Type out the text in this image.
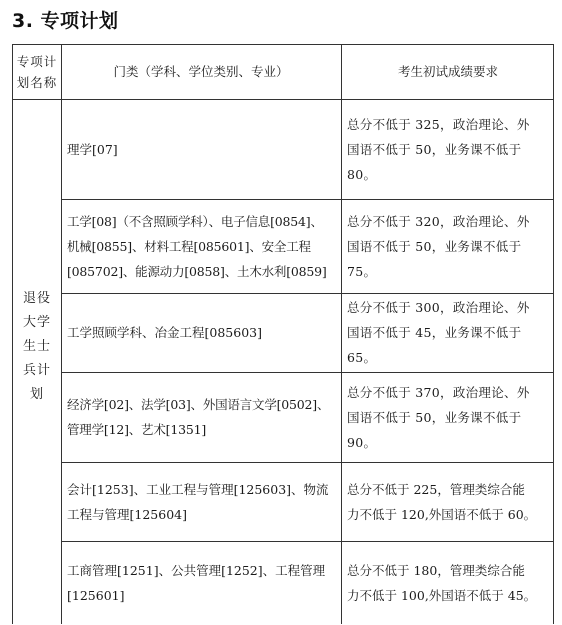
3. 专项计划
专项计
划名称
门类（学科、学位类别、专业）	考生初试成绩要求
退役
大学
生士
兵计
划
理学[07]
总分不低于 325，政治理论、外
国语不低于 50，业务课不低于
80。
工学[08]（不含照顾学科）、电子信息[0854]、
机械[0855]、材料工程[085601]、安全工程
[085702]、能源动力[0858]、土木水利[0859]
总分不低于 320，政治理论、外
国语不低于 50，业务课不低于
75。
工学照顾学科、冶金工程[085603]
总分不低于 300，政治理论、外
国语不低于 45，业务课不低于
65。
经济学[02]、法学[03]、外国语言文学[0502]、
管理学[12]、艺术[1351]
总分不低于 370，政治理论、外
国语不低于 50，业务课不低于
90。
会计[1253]、工业工程与管理[125603]、物流
工程与管理[125604]
总分不低于 225，管理类综合能
力不低于 120,外国语不低于 60。
工商管理[1251]、公共管理[1252]、工程管理
[125601]
总分不低于 180，管理类综合能
力不低于 100,外国语不低于 45。
